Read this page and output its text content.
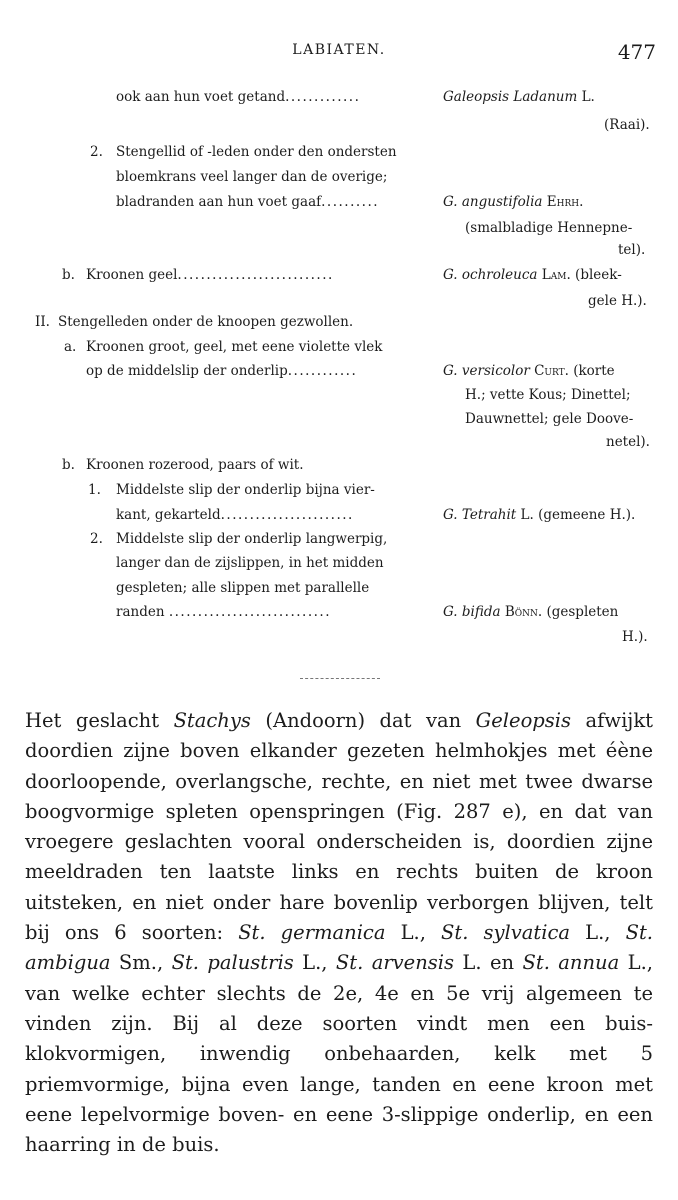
LABIATEN.	477
ook aan hun voet getand.............	Galeopsis Ladanum L.
(Raai).
2. Stengellid of -leden onder den ondersten
bloemkrans veel langer dan de overige;
bladranden aan hun voet gaaf..........	G. angustifolia Ehrh.
(smalbladige Hennepne-
tel).
b. Kroonen geel...........................	G. ochroleuca Lam. (bleek-
gele H.).
II. Stengelleden onder de knoopen gezwollen.
a. Kroonen groot, geel, met eene violette vlek
op de middelslip der onderlip............	G. versicolor Curt. (korte
H.; vette Kous; Dinettel;
Dauwnettel; gele Doove-
netel).
b. Kroonen rozerood, paars of wit.
1. Middelste slip der onderlip bijna vier-
kant, gekarteld.......................	G. Tetrahit L. (gemeene H.).
2. Middelste slip der onderlip langwerpig,
langer dan de zijslippen, in het midden
gespleten; alle slippen met parallelle
randen ............................	G. bifida Bönn. (gespleten
H.).

Het geslacht Stachys (Andoorn) dat van Geleopsis afwijkt doordien zijne boven elkander gezeten helmhokjes met éène doorloopende, overlangsche, rechte, en niet met twee dwarse boogvormige spleten openspringen (Fig. 287 e), en dat van vroegere geslachten vooral onderscheiden is, doordien zijne meeldraden ten laatste links en rechts buiten de kroon uitsteken, en niet onder hare bovenlip verborgen blijven, telt bij ons 6 soorten: St. germanica L., St. sylvatica L., St. ambigua Sm., St. palustris L., St. arvensis L. en St. annua L., van welke echter slechts de 2e, 4e en 5e vrij algemeen te vinden zijn. Bij al deze soorten vindt men een buis-klokvormigen, inwendig onbehaarden, kelk met 5 priemvormige, bijna even lange, tanden en eene kroon met eene lepelvormige boven- en eene 3-slippige onderlip, en een haarring in de buis.
